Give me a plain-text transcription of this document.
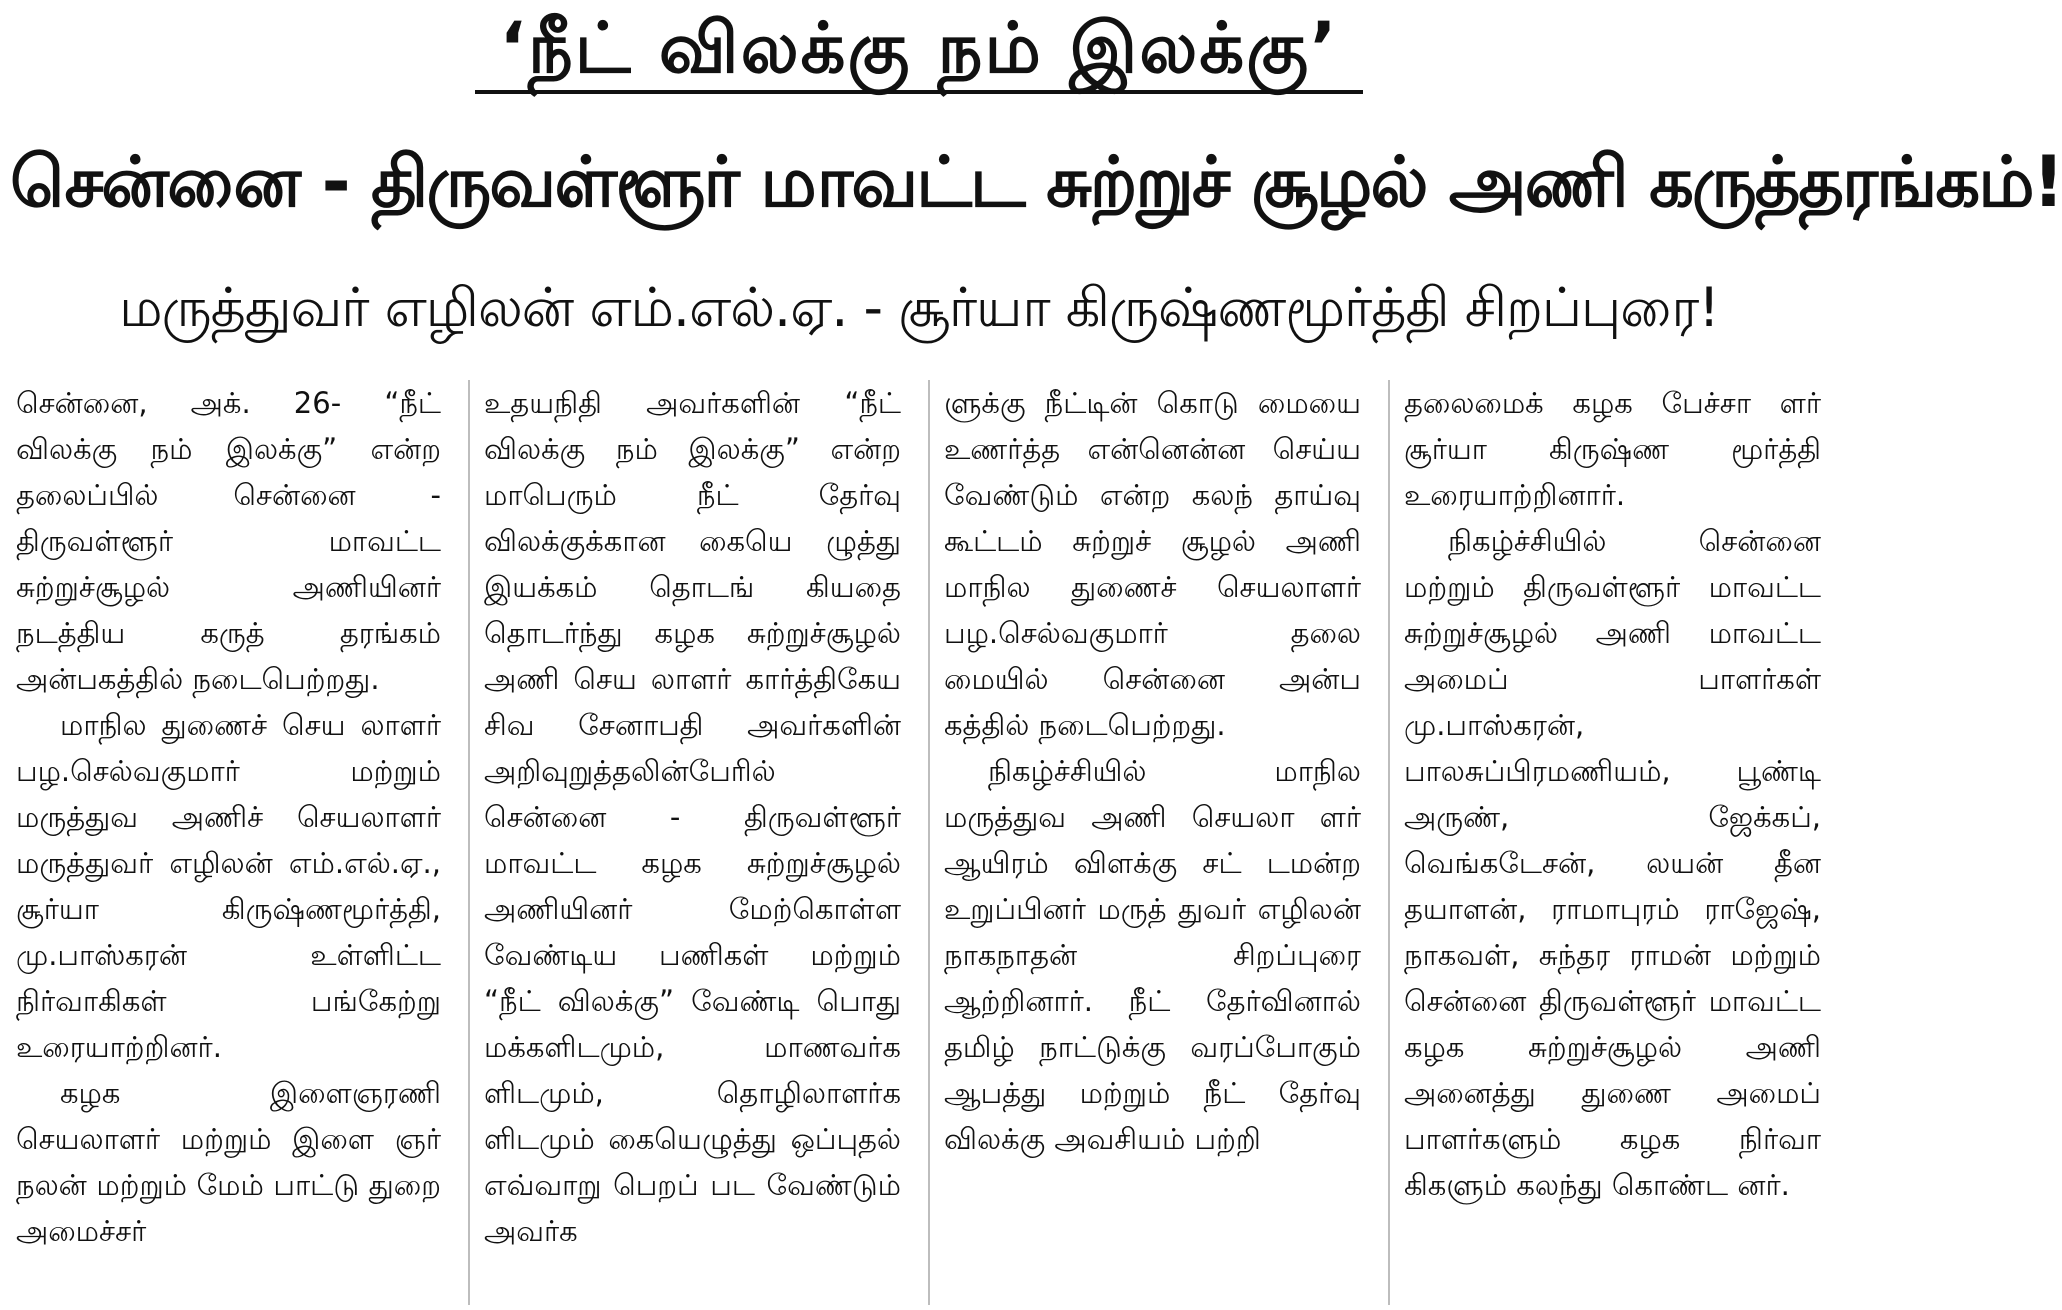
‘நீட் விலக்கு நம் இலக்கு’
சென்னை - திருவள்ளூர் மாவட்ட சுற்றுச் சூழல் அணி கருத்தரங்கம்!
மருத்துவர் எழிலன் எம்.எல்.ஏ. - சூர்யா கிருஷ்ணமூர்த்தி சிறப்புரை!

சென்னை, அக். 26- “நீட் விலக்கு நம் இலக்கு” என்ற தலைப்பில் சென்னை - திருவள்ளூர் மாவட்ட சுற்றுச்சூழல் அணியினர் நடத்திய கருத் தரங்கம் அன்பகத்தில் நடைபெற்றது.

மாநில துணைச் செய லாளர் பழ.செல்வகுமார் மற்றும் மருத்துவ அணிச் செயலாளர் மருத்துவர் எழிலன் எம்.எல்.ஏ., சூர்யா கிருஷ்ணமூர்த்தி, மு.பாஸ்கரன் உள்ளிட்ட நிர்வாகிகள் பங்கேற்று உரையாற்றினர்.

கழக இளைஞரணி செயலாளர் மற்றும் இளை ஞர் நலன் மற்றும் மேம் பாட்டு துறை அமைச்சர்

உதயநிதி அவர்களின் “நீட் விலக்கு நம் இலக்கு” என்ற மாபெரும் நீட் தேர்வு விலக்குக்கான கையெ ழுத்து இயக்கம் தொடங் கியதை தொடர்ந்து கழக சுற்றுச்சூழல் அணி செய லாளர் கார்த்திகேய சிவ சேனாபதி அவர்களின் அறிவுறுத்தலின்பேரில் சென்னை - திருவள்ளூர் மாவட்ட கழக சுற்றுச்சூழல் அணியினர் மேற்கொள்ள வேண்டிய பணிகள் மற்றும் “நீட் விலக்கு” வேண்டி பொது மக்களிடமும், மாணவர்க ளிடமும், தொழிலாளர்க ளிடமும் கையெழுத்து ஒப்புதல் எவ்வாறு பெறப் பட வேண்டும் அவர்க

ளுக்கு நீட்டின் கொடு மையை உணர்த்த என்னென்ன செய்ய வேண்டும் என்ற கலந் தாய்வு கூட்டம் சுற்றுச் சூழல் அணி மாநில துணைச் செயலாளர் பழ.செல்வகுமார் தலை மையில் சென்னை அன்ப கத்தில் நடைபெற்றது.

நிகழ்ச்சியில் மாநில மருத்துவ அணி செயலா ளர் ஆயிரம் விளக்கு சட் டமன்ற உறுப்பினர் மருத் துவர் எழிலன் நாகநாதன் சிறப்புரை ஆற்றினார். நீட் தேர்வினால் தமிழ் நாட்டுக்கு வரப்போகும் ஆபத்து மற்றும் நீட் தேர்வு விலக்கு அவசியம் பற்றி

தலைமைக் கழக பேச்சா ளர் சூர்யா கிருஷ்ண மூர்த்தி உரையாற்றினார்.

நிகழ்ச்சியில் சென்னை மற்றும் திருவள்ளூர் மாவட்ட சுற்றுச்சூழல் அணி மாவட்ட அமைப் பாளர்கள் மு.பாஸ்கரன், பாலசுப்பிரமணியம், பூண்டி அருண், ஜேக்கப், வெங்கடேசன், லயன் தீன தயாளன், ராமாபுரம் ராஜேஷ், நாகவள், சுந்தர ராமன் மற்றும் சென்னை திருவள்ளூர் மாவட்ட கழக சுற்றுச்சூழல் அணி அனைத்து துணை அமைப் பாளர்களும் கழக நிர்வா கிகளும் கலந்து கொண்ட னர்.
